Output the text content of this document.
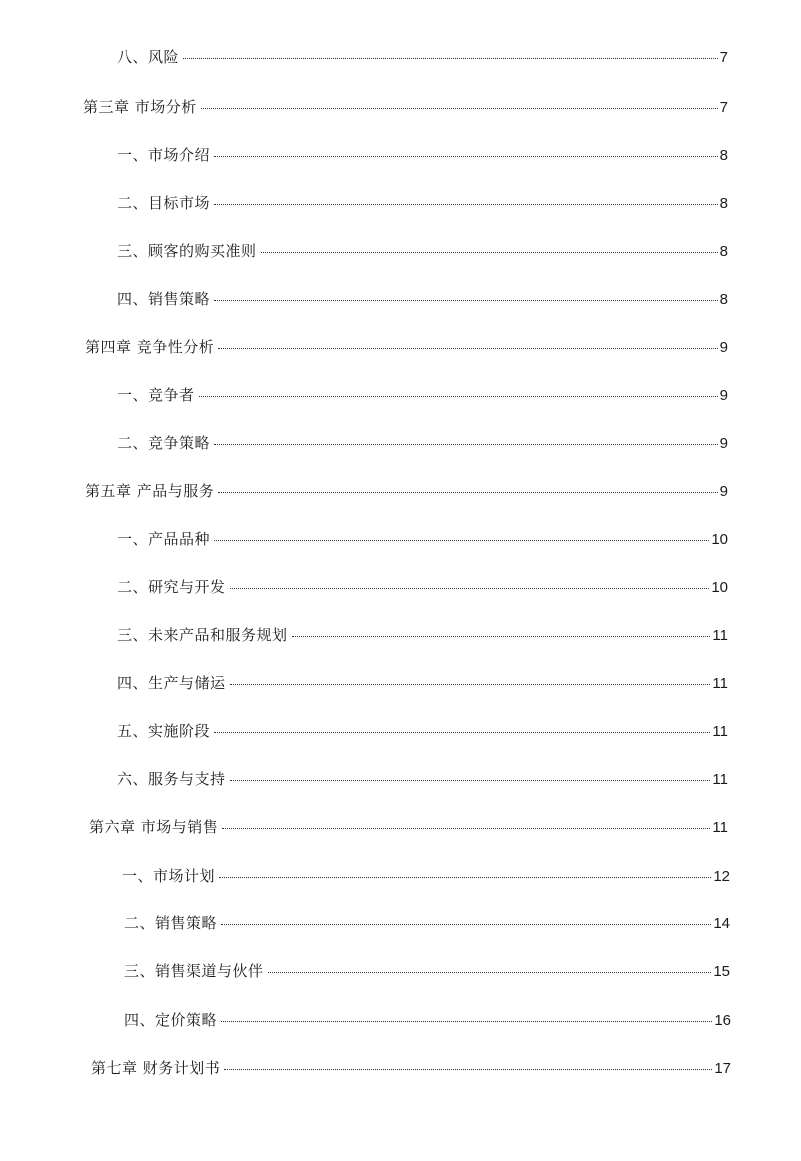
八、风险	7
第三章 市场分析	7
一、市场介绍	8
二、目标市场	8
三、顾客的购买准则	8
四、销售策略	8
第四章 竞争性分析	9
一、竞争者	9
二、竞争策略	9
第五章 产品与服务	9
一、产品品种	10
二、研究与开发	10
三、未来产品和服务规划	11
四、生产与储运	11
五、实施阶段	11
六、服务与支持	11
第六章 市场与销售	11
一、市场计划	12
二、销售策略	14
三、销售渠道与伙伴	15
四、定价策略	16
第七章 财务计划书	17
